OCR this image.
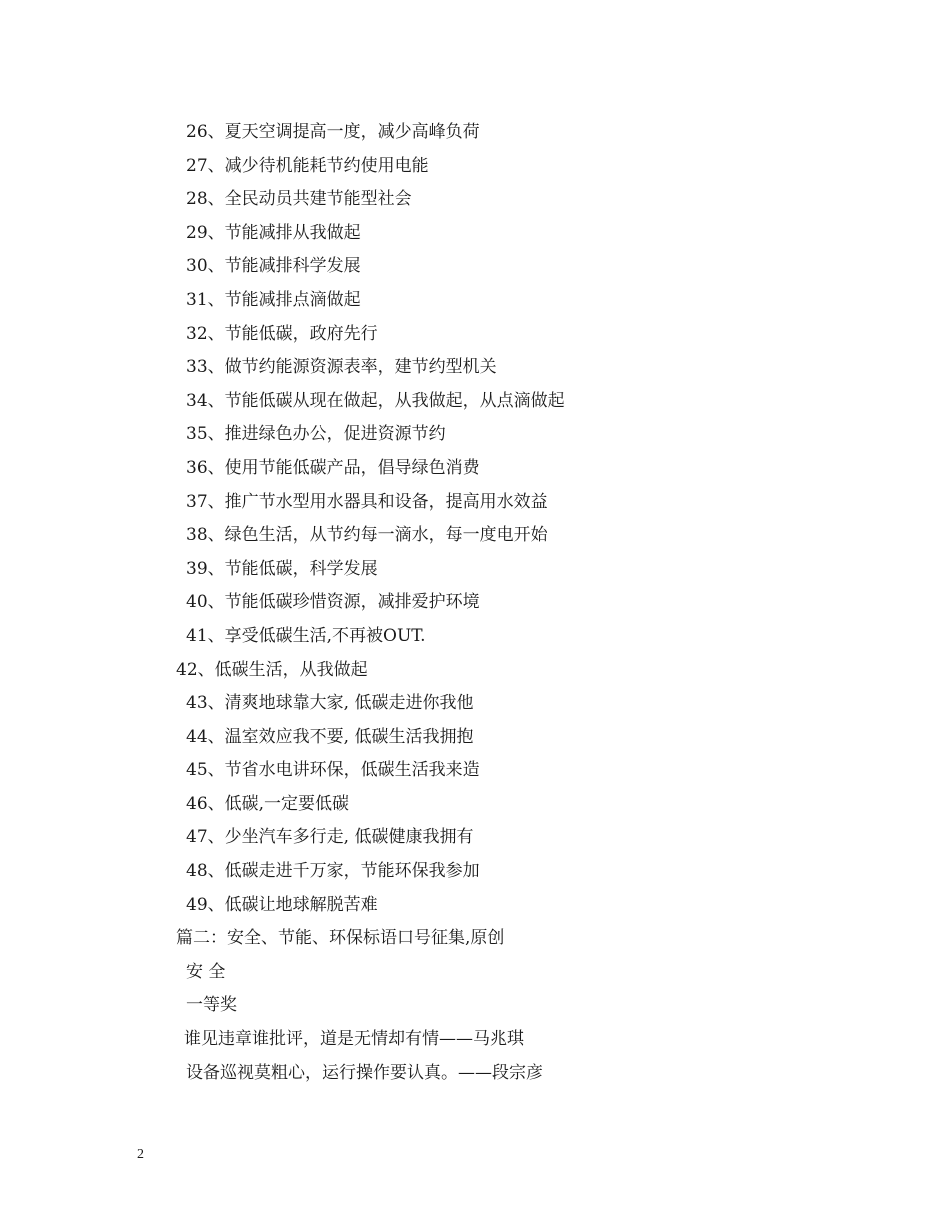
26、夏天空调提高一度，减少高峰负荷
27、减少待机能耗节约使用电能
28、全民动员共建节能型社会
29、节能减排从我做起
30、节能减排科学发展
31、节能减排点滴做起
32、节能低碳，政府先行
33、做节约能源资源表率，建节约型机关
34、节能低碳从现在做起，从我做起，从点滴做起
35、推进绿色办公，促进资源节约
36、使用节能低碳产品，倡导绿色消费
37、推广节水型用水器具和设备，提高用水效益
38、绿色生活，从节约每一滴水，每一度电开始
39、节能低碳，科学发展
40、节能低碳珍惜资源，减排爱护环境
41、享受低碳生活,不再被OUT.
42、低碳生活，从我做起
43、清爽地球靠大家, 低碳走进你我他
44、温室效应我不要, 低碳生活我拥抱
45、节省水电讲环保，低碳生活我来造
46、低碳,一定要低碳
47、少坐汽车多行走, 低碳健康我拥有
48、低碳走进千万家，节能环保我参加
49、低碳让地球解脱苦难
篇二：安全、节能、环保标语口号征集,原创
安 全
一等奖
谁见违章谁批评，道是无情却有情——马兆琪
设备巡视莫粗心，运行操作要认真。——段宗彦
2
